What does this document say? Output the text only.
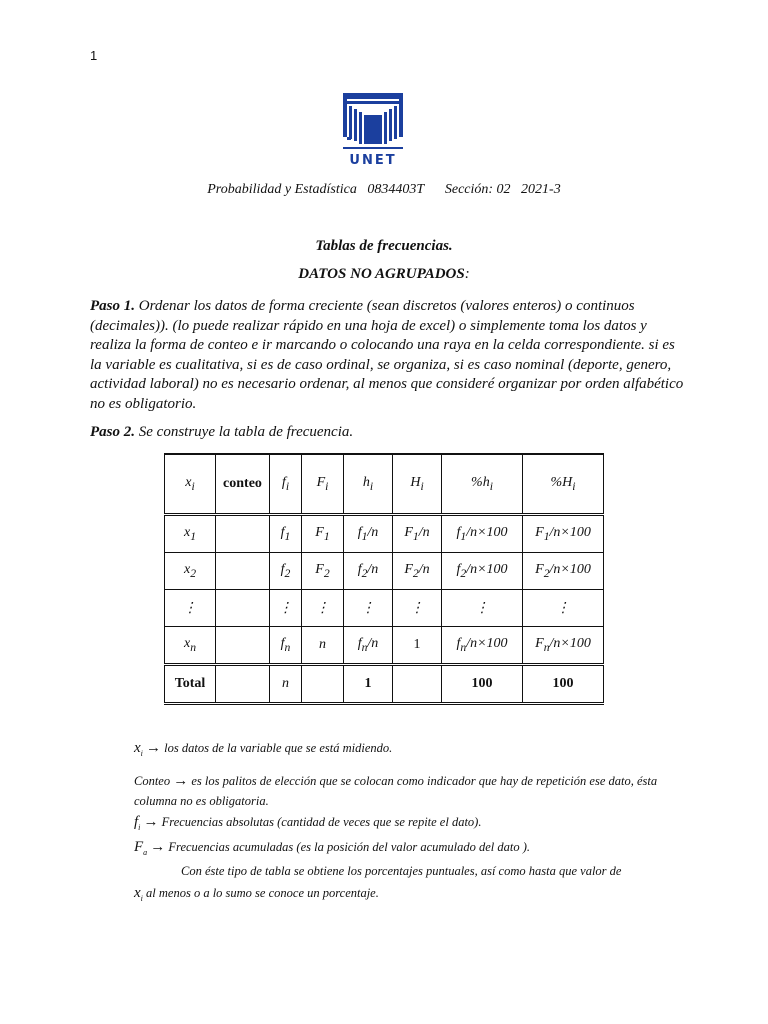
1
UNET
Probabilidad y Estadística   0834403T      Sección: 02   2021-3
Tablas de frecuencias.
DATOS NO AGRUPADOS:
Paso 1. Ordenar los datos de forma creciente (sean discretos (valores enteros) o continuos (decimales)). (lo puede realizar rápido en una hoja de excel) o simplemente toma los datos y realiza la forma de conteo e ir marcando o colocando una raya en la celda correspondiente. si es la variable es cualitativa, si es de caso ordinal, se organiza, si es caso nominal (deporte, genero, actividad laboral) no es necesario ordenar, al menos que consideré organizar por orden alfabético no es obligatorio.
Paso 2. Se construye la tabla de frecuencia.
$x_i$	conteo	$f_i$	$F_i$	$h_i$	$H_i$	$\%h_i$	$\%H_i$
$x_1$		$f_1$	$F_1$	$f_1/n$	$F_1/n$	$f_1/n\times 100$	$F_1/n\times 100$
$x_2$		$f_2$	$F_2$	$f_2/n$	$F_2/n$	$f_2/n\times 100$	$F_2/n\times 100$
⋮		⋮	⋮	⋮	⋮	⋮	⋮
$x_n$		$f_n$	n	$f_n/n$	1	$f_n/n\times 100$	$F_n/n\times 100$
Total		n		1		100	100
$x_i$ → los datos de la variable que se está midiendo.
Conteo → es los palitos de elección que se colocan como indicador que hay de repetición ese dato, ésta columna no es obligatoria.
$f_i$ → Frecuencias absolutas (cantidad de veces que se repite el dato).
$F_a$ → Frecuencias acumuladas (es la posición del valor acumulado del dato ).
Con éste tipo de tabla se obtiene los porcentajes puntuales, así como hasta que valor de
$x_i$ al menos o a lo sumo se conoce un porcentaje.
